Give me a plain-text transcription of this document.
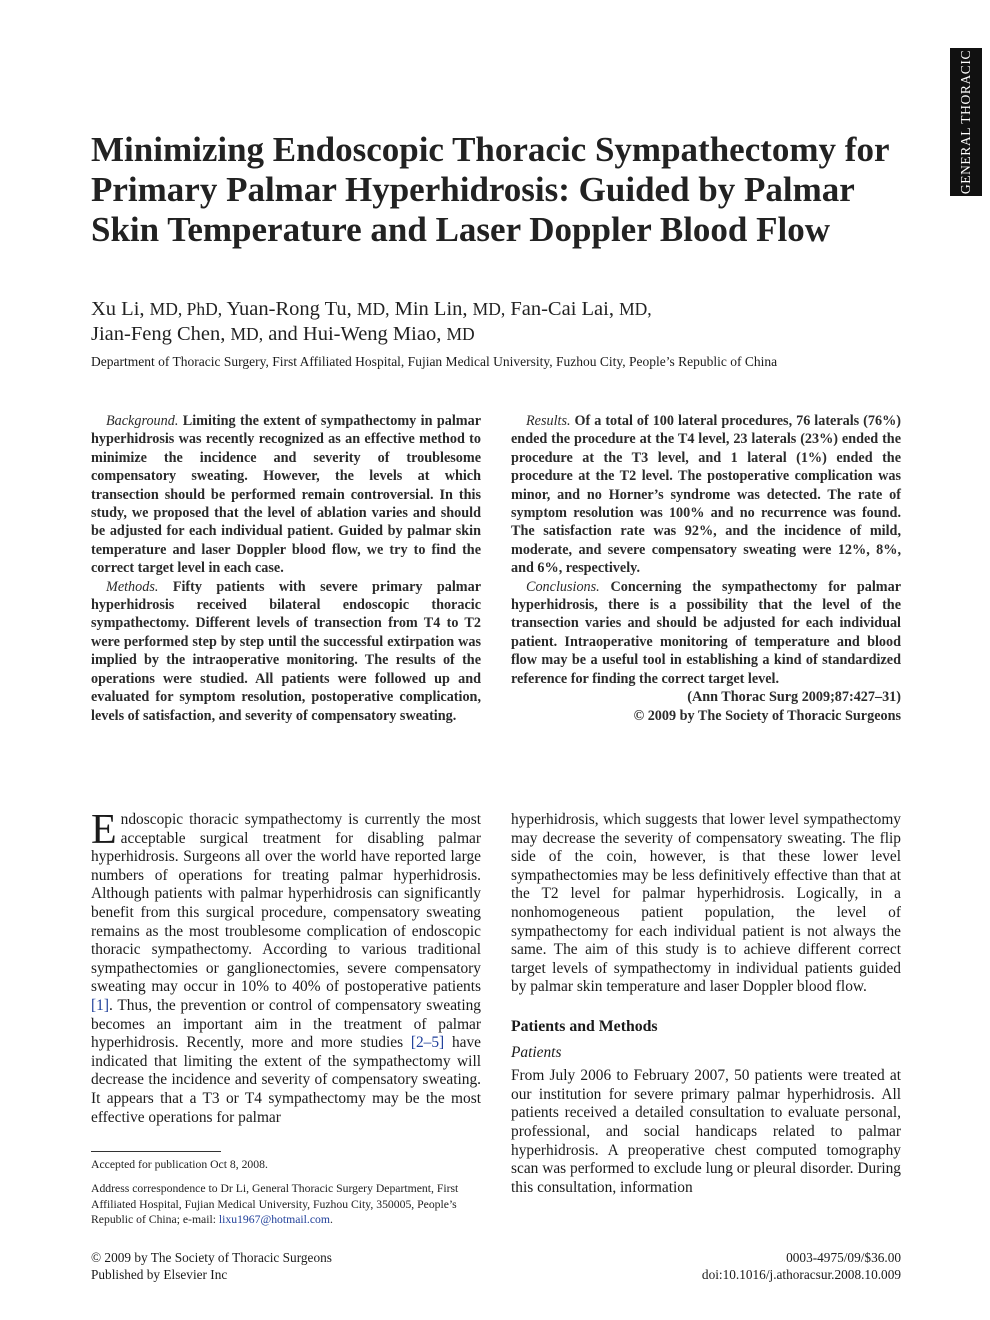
GENERAL THORACIC
Minimizing Endoscopic Thoracic Sympathectomy for Primary Palmar Hyperhidrosis: Guided by Palmar Skin Temperature and Laser Doppler Blood Flow
Xu Li, MD, PhD, Yuan-Rong Tu, MD, Min Lin, MD, Fan-Cai Lai, MD,
Jian-Feng Chen, MD, and Hui-Weng Miao, MD
Department of Thoracic Surgery, First Affiliated Hospital, Fujian Medical University, Fuzhou City, People’s Republic of China

Background. Limiting the extent of sympathectomy in palmar hyperhidrosis was recently recognized as an effective method to minimize the incidence and severity of troublesome compensatory sweating. However, the levels at which transection should be performed remain controversial. In this study, we proposed that the level of ablation varies and should be adjusted for each individual patient. Guided by palmar skin temperature and laser Doppler blood flow, we try to find the correct target level in each case.

Methods. Fifty patients with severe primary palmar hyperhidrosis received bilateral endoscopic thoracic sympathectomy. Different levels of transection from T4 to T2 were performed step by step until the successful extirpation was implied by the intraoperative monitoring. The results of the operations were studied. All patients were followed up and evaluated for symptom resolution, postoperative complication, levels of satisfaction, and severity of compensatory sweating.

Results. Of a total of 100 lateral procedures, 76 laterals (76%) ended the procedure at the T4 level, 23 laterals (23%) ended the procedure at the T3 level, and 1 lateral (1%) ended the procedure at the T2 level. The postoperative complication was minor, and no Horner’s syndrome was detected. The rate of symptom resolution was 100% and no recurrence was found. The satisfaction rate was 92%, and the incidence of mild, moderate, and severe compensatory sweating were 12%, 8%, and 6%, respectively.

Conclusions. Concerning the sympathectomy for palmar hyperhidrosis, there is a possibility that the level of the transection varies and should be adjusted for each individual patient. Intraoperative monitoring of temperature and blood flow may be a useful tool in establishing a kind of standardized reference for finding the correct target level.

(Ann Thorac Surg 2009;87:427–31)

© 2009 by The Society of Thoracic Surgeons

Endoscopic thoracic sympathectomy is currently the most acceptable surgical treatment for disabling palmar hyperhidrosis. Surgeons all over the world have reported large numbers of operations for treating palmar hyperhidrosis. Although patients with palmar hyperhidrosis can significantly benefit from this surgical procedure, compensatory sweating remains as the most troublesome complication of endoscopic thoracic sympathectomy. According to various traditional sympathectomies or ganglionectomies, severe compensatory sweating may occur in 10% to 40% of postoperative patients [1]. Thus, the prevention or control of compensatory sweating becomes an important aim in the treatment of palmar hyperhidrosis. Recently, more and more studies [2–5] have indicated that limiting the extent of the sympathectomy will decrease the incidence and severity of compensatory sweating. It appears that a T3 or T4 sympathectomy may be the most effective operations for palmar

hyperhidrosis, which suggests that lower level sympathectomy may decrease the severity of compensatory sweating. The flip side of the coin, however, is that these lower level sympathectomies may be less definitively effective than that at the T2 level for palmar hyperhidrosis. Logically, in a nonhomogeneous patient population, the level of sympathectomy for each individual patient is not always the same. The aim of this study is to achieve different correct target levels of sympathectomy in individual patients guided by palmar skin temperature and laser Doppler blood flow.

Patients and Methods
Patients

From July 2006 to February 2007, 50 patients were treated at our institution for severe primary palmar hyperhidrosis. All patients received a detailed consultation to evaluate personal, professional, and social handicaps related to palmar hyperhidrosis. A preoperative chest computed tomography scan was performed to exclude lung or pleural disorder. During this consultation, information

Accepted for publication Oct 8, 2008.

Address correspondence to Dr Li, General Thoracic Surgery Department, First Affiliated Hospital, Fujian Medical University, Fuzhou City, 350005, People’s Republic of China; e-mail: lixu1967@hotmail.com.

© 2009 by The Society of Thoracic Surgeons
Published by Elsevier Inc
0003-4975/09/$36.00
doi:10.1016/j.athoracsur.2008.10.009
